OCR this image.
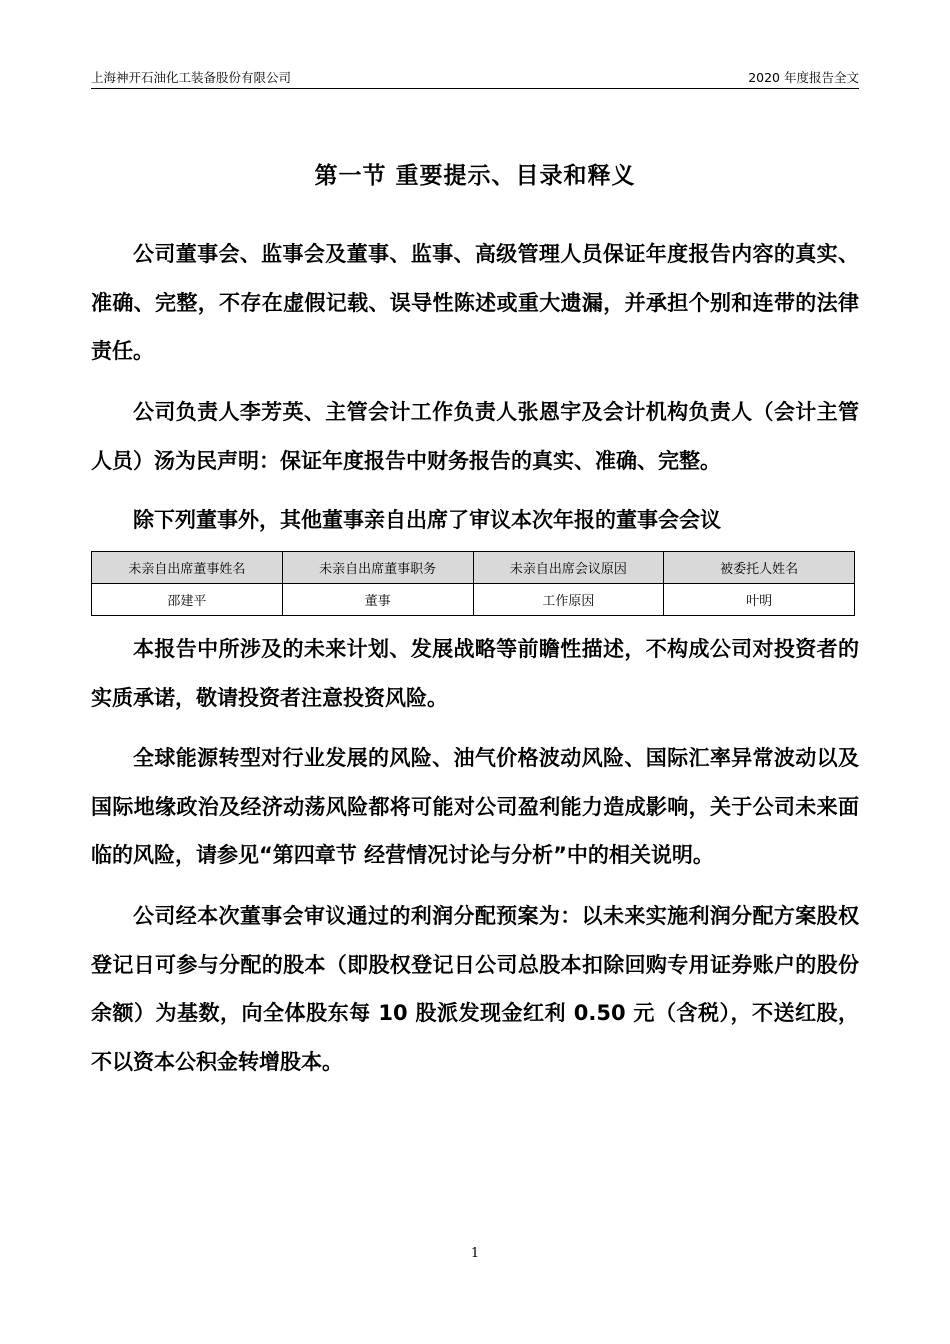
上海神开石油化工装备股份有限公司	2020 年度报告全文
第一节 重要提示、目录和释义
公司董事会、监事会及董事、监事、高级管理人员保证年度报告内容的真实、准确、完整，不存在虚假记载、误导性陈述或重大遗漏，并承担个别和连带的法律责任。
公司负责人李芳英、主管会计工作负责人张恩宇及会计机构负责人（会计主管人员）汤为民声明：保证年度报告中财务报告的真实、准确、完整。
除下列董事外，其他董事亲自出席了审议本次年报的董事会会议
未亲自出席董事姓名	未亲自出席董事职务	未亲自出席会议原因	被委托人姓名
邵建平	董事	工作原因	叶明
本报告中所涉及的未来计划、发展战略等前瞻性描述，不构成公司对投资者的实质承诺，敬请投资者注意投资风险。
全球能源转型对行业发展的风险、油气价格波动风险、国际汇率异常波动以及国际地缘政治及经济动荡风险都将可能对公司盈利能力造成影响，关于公司未来面临的风险，请参见“第四章节 经营情况讨论与分析”中的相关说明。
公司经本次董事会审议通过的利润分配预案为：以未来实施利润分配方案股权登记日可参与分配的股本（即股权登记日公司总股本扣除回购专用证券账户的股份余额）为基数，向全体股东每 10 股派发现金红利 0.50 元（含税），不送红股，不以资本公积金转增股本。
1
